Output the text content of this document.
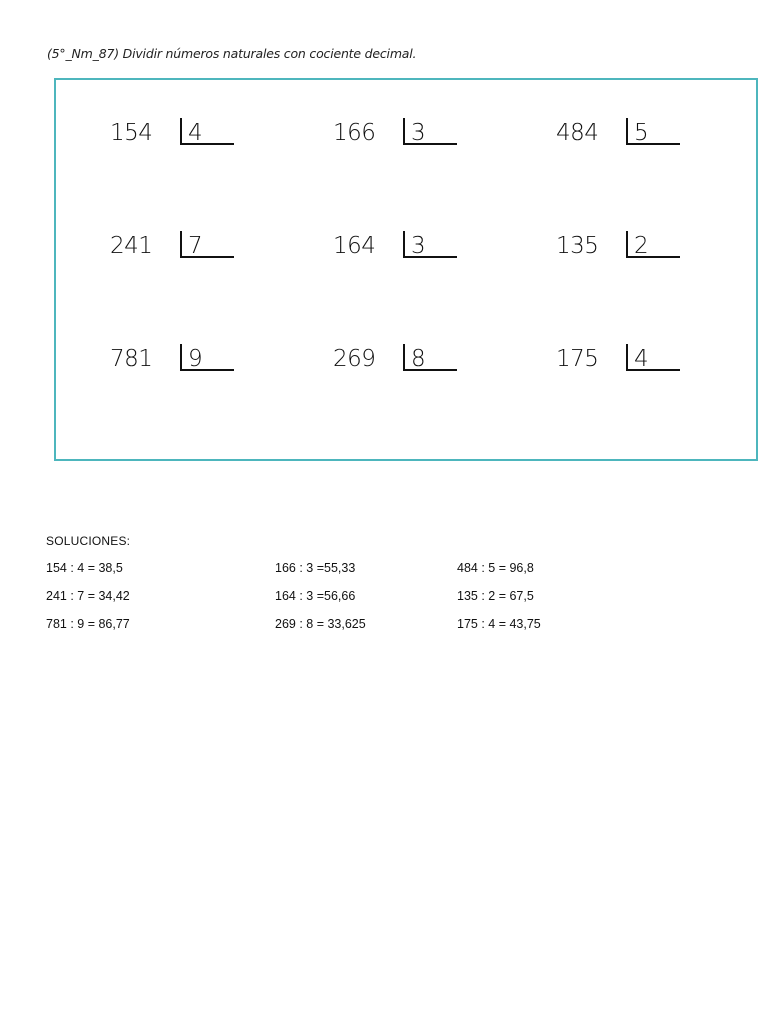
(5°_Nm_87) Dividir números naturales con cociente decimal.
154 4	166 3	484 5
241 7	164 3	135 2
781 9	269 8	175 4
SOLUCIONES:
154 : 4 = 38,5	166 : 3 =55,33	484 : 5 = 96,8
241 : 7 = 34,42	164 : 3 =56,66	135 : 2 = 67,5
781 : 9 = 86,77	269 : 8 = 33,625	175 : 4 = 43,75
